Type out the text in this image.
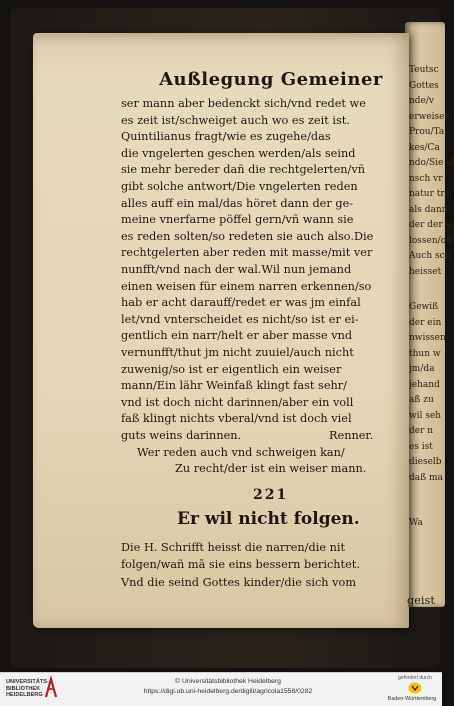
Teutsc
Gottes
nde/v
erweiseu
Prou/Ta
kes/Ca
ndo/Sie al
nsch vr
natur tre
als dann
der der w
lossen/od
Auch sch
heisset
Gewiß
der ein
nwissen
thun w
jm/da
jehand
aß zu
wil seh
der n
es ist
dieselb
daß ma
Wa
Außlegung Gemeiner
ser mann aber bedenckt sich/vnd redet we
es zeit ist/schweiget auch wo es zeit ist.
Quintilianus fragt/wie es zugehe/das
die vngelerten geschen werden/als seind
sie mehr bereder dañ die rechtgelerten/vñ
gibt solche antwort/Die vngelerten reden
alles auff ein mal/das höret dann der ge-
meine vnerfarne pöffel gern/vñ wann sie
es reden solten/so redeten sie auch also.Die
rechtgelerten aber reden mit masse/mit ver
nunfft/vnd nach der wal.Wil nun jemand
einen weisen für einem narren erkennen/so
hab er acht darauff/redet er was jm einfal
let/vnd vnterscheidet es nicht/so ist er ei-
gentlich ein narr/helt er aber masse vnd
vernunfft/thut jm nicht zuuiel/auch nicht
zuwenig/so ist er eigentlich ein weiser
mann/Ein lähr Weinfaß klingt fast sehr/
vnd ist doch nicht darinnen/aber ein voll
faß klingt nichts vberal/vnd ist doch viel
guts weins darinnen.	Renner.
Wer reden auch vnd schweigen kan/
Zu recht/der ist ein weiser mann.
221
Er wil nicht folgen.
Die H. Schrifft heisst die narren/die nit
folgen/wañ mā sie eins bessern berichtet.
Vnd die seind Gottes kinder/die sich vom
geist
UNIVERSITÄTS-
BIBLIOTHEK
HEIDELBERG
© Universitätsbibliothek Heidelberg
https://digi.ub.uni-heidelberg.de/diglit/agricola1558/0282
gefördert durch
Baden-Württemberg
